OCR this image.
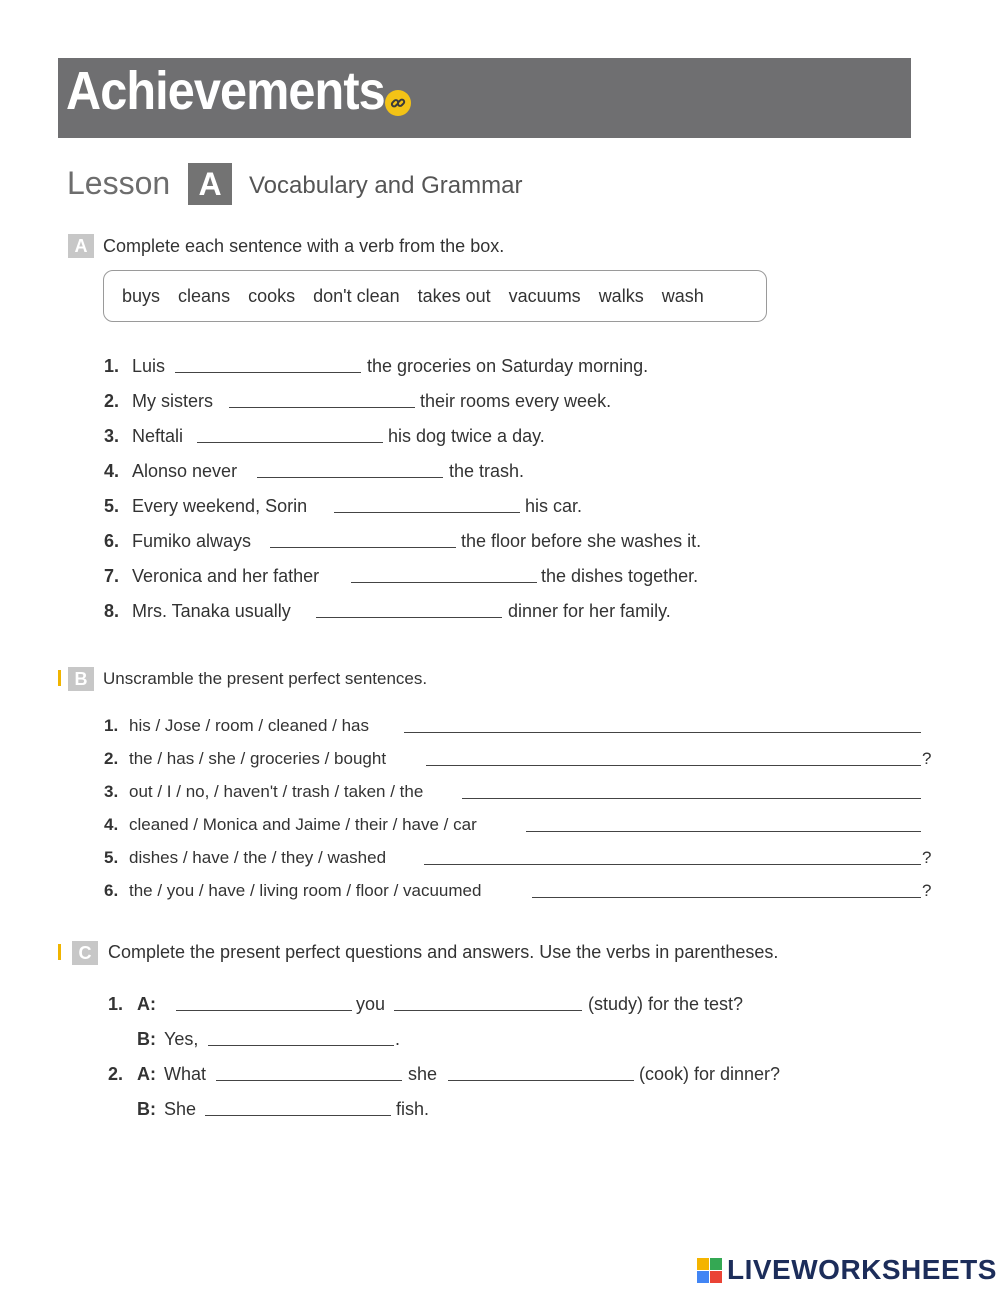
Achievements
Lesson A	Vocabulary and Grammar
A Complete each sentence with a verb from the box.
buys cleans cooks don't clean takes out vacuums walks wash
1. Luis	the groceries on Saturday morning.
2. My sisters	their rooms every week.
3. Neftali	his dog twice a day.
4. Alonso never	the trash.
5. Every weekend, Sorin	his car.
6. Fumiko always	the floor before she washes it.
7. Veronica and her father	the dishes together.
8. Mrs. Tanaka usually	dinner for her family.
B Unscramble the present perfect sentences.
1. his / Jose / room / cleaned / has
2. the / has / she / groceries / bought	?
3. out / I / no, / haven't / trash / taken / the
4. cleaned / Monica and Jaime / their / have / car
5. dishes / have / the / they / washed	?
6. the / you / have / living room / floor / vacuumed	?
C Complete the present perfect questions and answers. Use the verbs in parentheses.
1. A:	you	(study) for the test?
B: Yes,	.
2. A: What	she	(cook) for dinner?
B: She	fish.
LIVEWORKSHEETS
